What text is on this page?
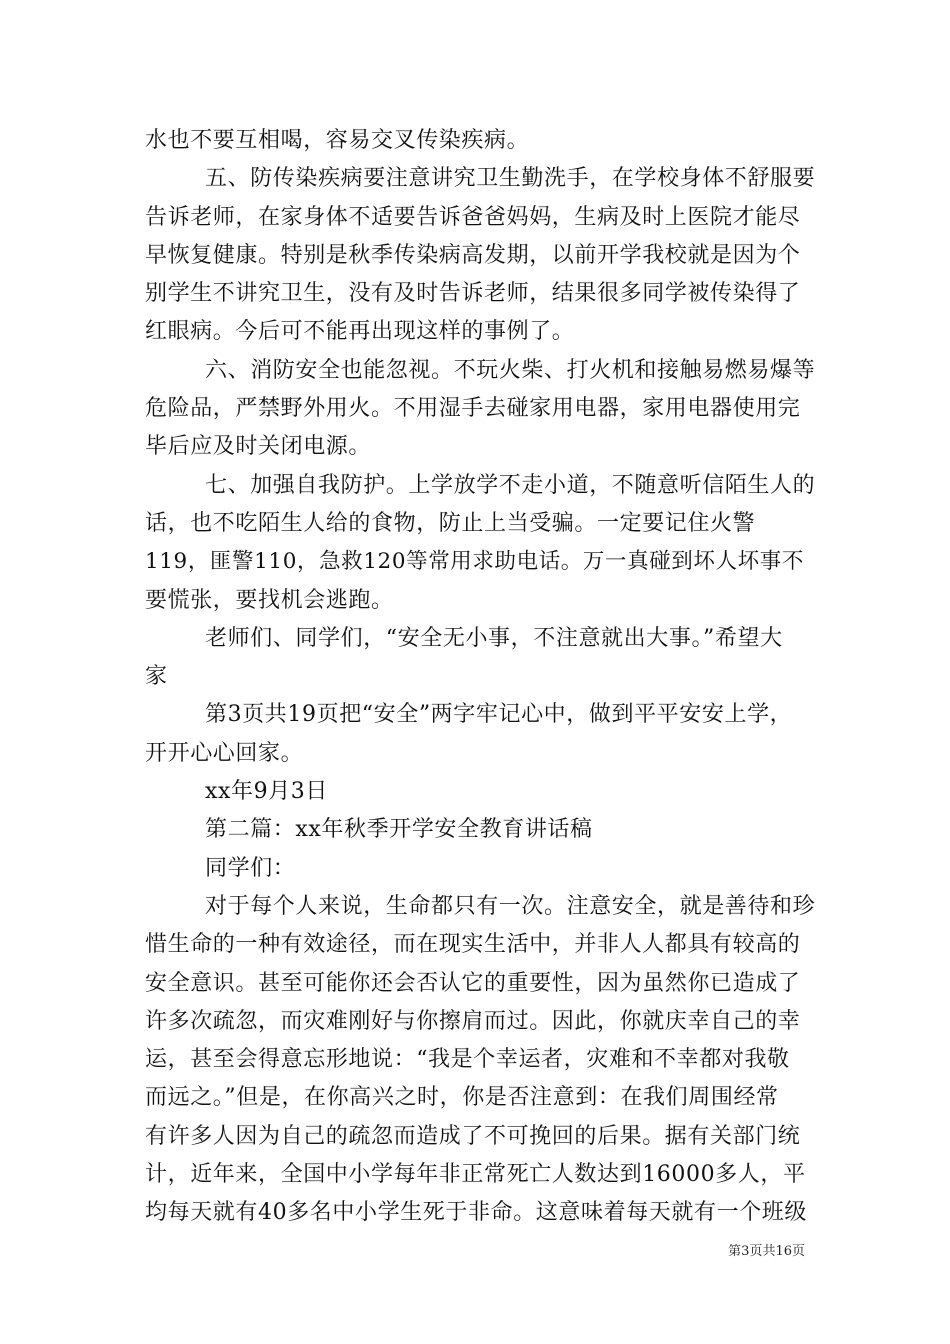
水也不要互相喝，容易交叉传染疾病。
五、防传染疾病要注意讲究卫生勤洗手，在学校身体不舒服要
告诉老师，在家身体不适要告诉爸爸妈妈，生病及时上医院才能尽
早恢复健康。特别是秋季传染病高发期，以前开学我校就是因为个
别学生不讲究卫生，没有及时告诉老师，结果很多同学被传染得了
红眼病。今后可不能再出现这样的事例了。
六、消防安全也能忽视。不玩火柴、打火机和接触易燃易爆等
危险品，严禁野外用火。不用湿手去碰家用电器，家用电器使用完
毕后应及时关闭电源。
七、加强自我防护。上学放学不走小道，不随意听信陌生人的
话，也不吃陌生人给的食物，防止上当受骗。一定要记住火警
119，匪警110，急救120等常用求助电话。万一真碰到坏人坏事不
要慌张，要找机会逃跑。
老师们、同学们，“安全无小事，不注意就出大事。”希望大
家
第3页共19页把“安全”两字牢记心中，做到平平安安上学，
开开心心回家。
xx年9月3日
第二篇：xx年秋季开学安全教育讲话稿
同学们：
对于每个人来说，生命都只有一次。注意安全，就是善待和珍
惜生命的一种有效途径，而在现实生活中，并非人人都具有较高的
安全意识。甚至可能你还会否认它的重要性，因为虽然你已造成了
许多次疏忽，而灾难刚好与你擦肩而过。因此，你就庆幸自己的幸
运，甚至会得意忘形地说：“我是个幸运者，灾难和不幸都对我敬
而远之。”但是，在你高兴之时，你是否注意到：在我们周围经常
有许多人因为自己的疏忽而造成了不可挽回的后果。据有关部门统
计，近年来，全国中小学每年非正常死亡人数达到16000多人，平
均每天就有40多名中小学生死于非命。这意味着每天就有一个班级
第3页共16页
